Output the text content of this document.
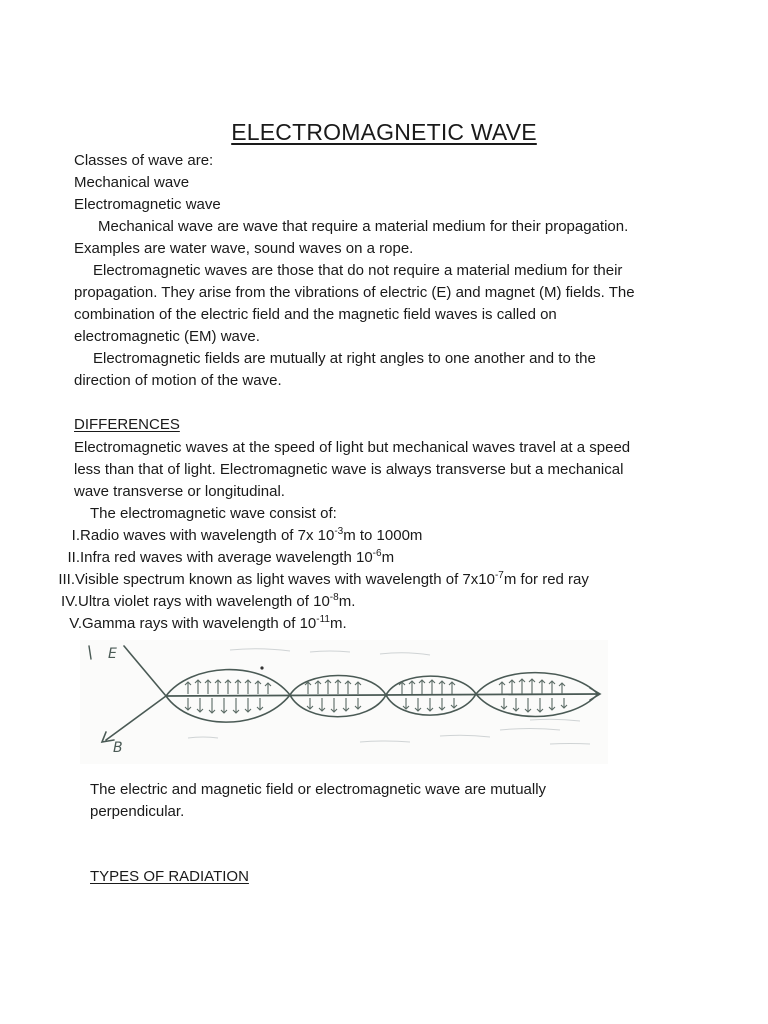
ELECTROMAGNETIC WAVE
Classes of wave are:
Mechanical wave
Electromagnetic wave
Mechanical wave are wave that require a material medium for their propagation.
Examples are water wave, sound waves on a rope.
Electromagnetic waves are those that do not require a material medium for their
propagation. They arise from the vibrations of electric (E) and magnet (M) fields. The
combination of the electric field and the magnetic field waves is called on
electromagnetic (EM) wave.
Electromagnetic fields are mutually at right angles to one another and to the
direction of motion of the wave.
DIFFERENCES
Electromagnetic waves at the speed of light but mechanical waves travel at a speed
less than that of light. Electromagnetic wave is always transverse but a mechanical
wave transverse or longitudinal.
The electromagnetic wave consist of:
I.Radio waves with wavelength of 7x $10^{-3}m$ to 1000m
II.Infra red waves with average wavelength $10^{-6}m$
III.Visible spectrum known as light waves with wavelength of $7x10^{-7}m$ for red ray
IV.Ultra violet rays with wavelength of $10^{-8}m$.
V.Gamma rays with wavelength of $10^{-11}m$.
E
B
The electric and magnetic field or electromagnetic wave are mutually
perpendicular.
TYPES OF RADIATION
